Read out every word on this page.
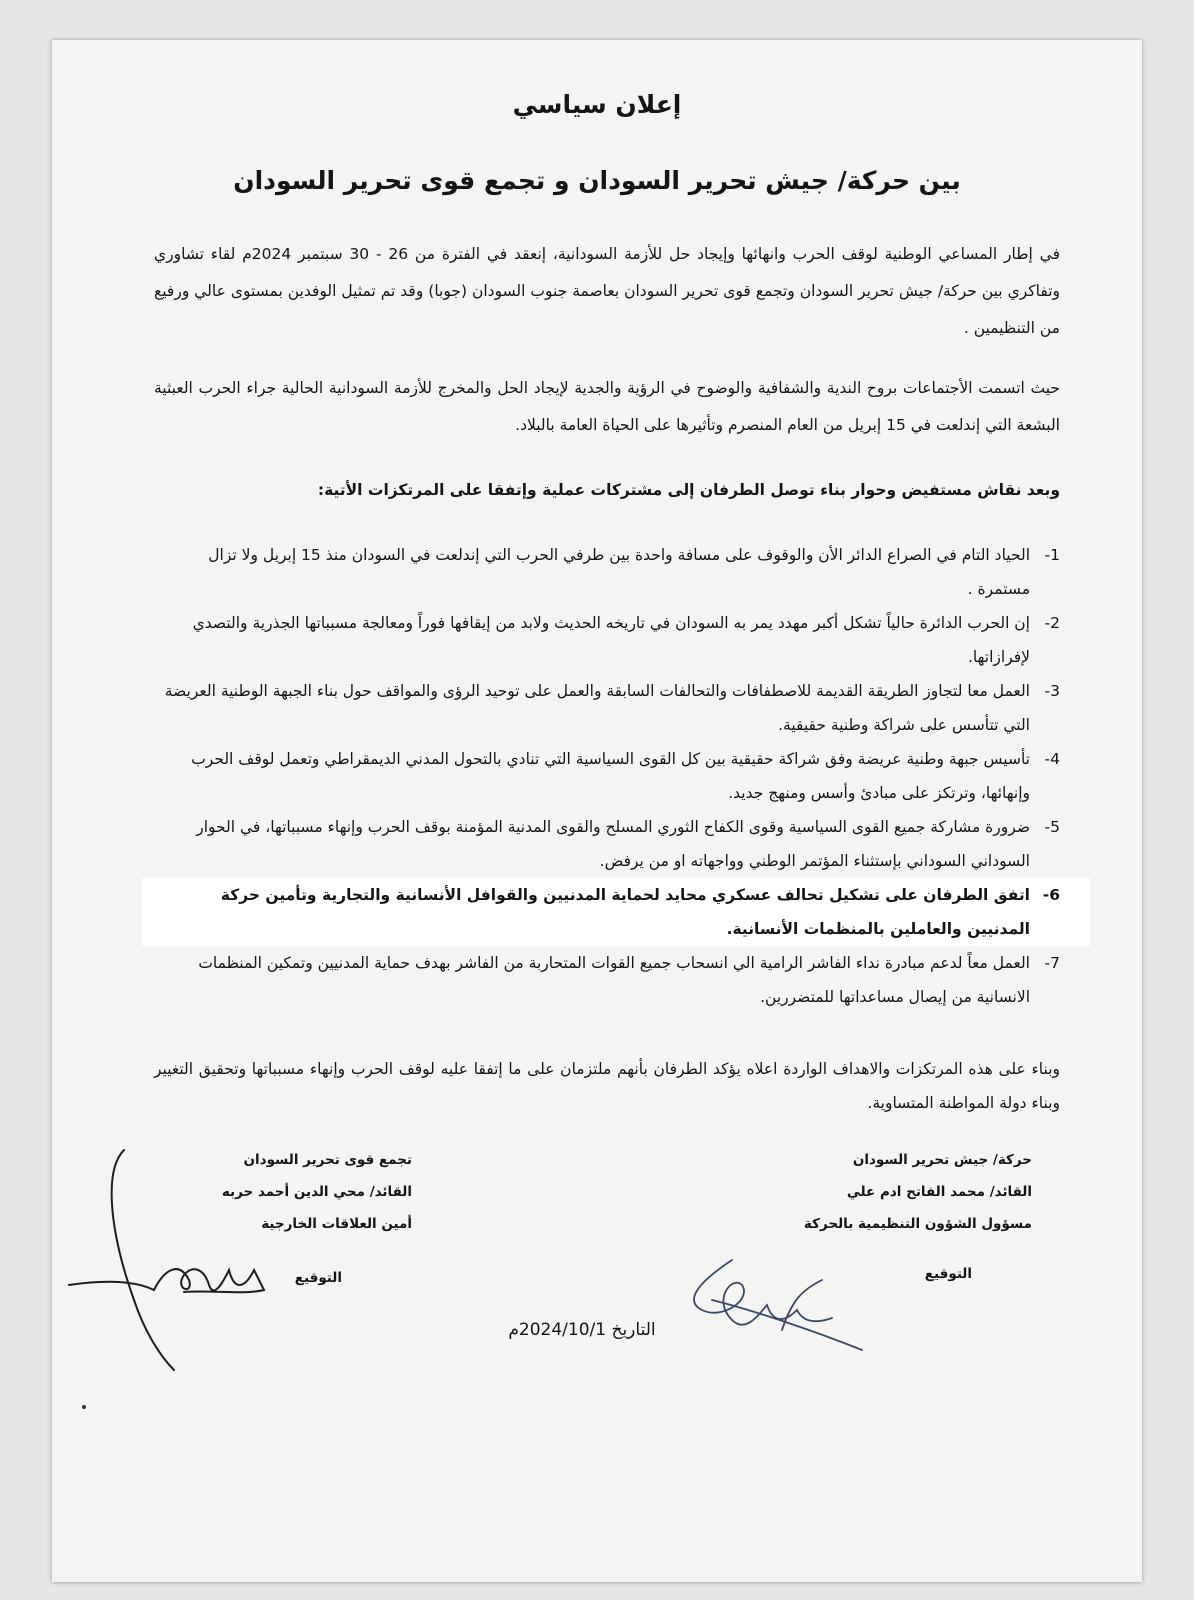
إعلان سياسي
بين حركة/ جيش تحرير السودان و تجمع قوى تحرير السودان
في إطار المساعي الوطنية لوقف الحرب وانهائها وإيجاد حل للأزمة السودانية، إنعقد في الفترة من 26 - 30 سبتمبر 2024م لقاء تشاوري وتفاكري بين حركة/ جيش تحرير السودان وتجمع قوى تحرير السودان بعاصمة جنوب السودان (جوبا) وقد تم تمثيل الوفدين بمستوى عالي ورفيع من التنظيمين .
حيث اتسمت الأجتماعات بروح الندية والشفافية والوضوح في الرؤية والجدية لإيجاد الحل والمخرج للأزمة السودانية الحالية جراء الحرب العبثية البشعة التي إندلعت في 15 إبريل من العام المنصرم وتأثيرها على الحياة العامة بالبلاد.
وبعد نقاش مستفيض وحوار بناء توصل الطرفان إلى مشتركات عملية وإتفقا على المرتكزات الأتية:
1-
الحياد التام في الصراع الدائر الأن والوقوف على مسافة واحدة بين طرفي الحرب التي إندلعت في السودان منذ 15 إبريل ولا تزال مستمرة .
2-
إن الحرب الدائرة حالياً تشكل أكبر مهدد يمر به السودان في تاريخه الحديث ولابد من إيقافها فوراً ومعالجة مسبباتها الجذرية والتصدي لإفرازاتها.
3-
العمل معا لتجاوز الطريقة القديمة للاصطفافات والتحالفات السابقة والعمل على توحيد الرؤى والمواقف حول بناء الجبهة الوطنية العريضة التي تتأسس على شراكة وطنية حقيقية.
4-
تأسيس جبهة وطنية عريضة وفق شراكة حقيقية بين كل القوى السياسية التي تنادي بالتحول المدني الديمقراطي وتعمل لوقف الحرب وإنهائها، وترتكز على مبادئ وأسس ومنهج جديد.
5-
ضرورة مشاركة جميع القوى السياسية وقوى الكفاح الثوري المسلح والقوى المدنية المؤمنة بوقف الحرب وإنهاء مسبباتها، في الحوار السوداني السوداني بإستثناء المؤتمر الوطني وواجهاته او من يرفض.
6-
اتفق الطرفان على تشكيل تحالف عسكري محايد لحماية المدنيين والقوافل الأنسانية والتجارية وتأمين حركة المدنيين والعاملين بالمنظمات الأنسانية.
7-
العمل معاً لدعم مبادرة نداء الفاشر الرامية الي انسحاب جميع القوات المتحاربة من الفاشر بهدف حماية المدنيين وتمكين المنظمات الانسانية من إيصال مساعداتها للمتضررين.
وبناء على هذه المرتكزات والاهداف الواردة اعلاه يؤكد الطرفان بأنهم ملتزمان على ما إتفقا عليه لوقف الحرب وإنهاء مسبباتها وتحقيق التغيير وبناء دولة المواطنة المتساوية.
حركة/ جيش تحرير السودان
القائد/ محمد الفاتح ادم علي
مسؤول الشؤون التنظيمية بالحركة
تجمع قوى تحرير السودان
القائد/ محي الدين أحمد حربه
أمين العلاقات الخارجية
التوقيع
التوقيع
التاريخ 2024/10/1م
